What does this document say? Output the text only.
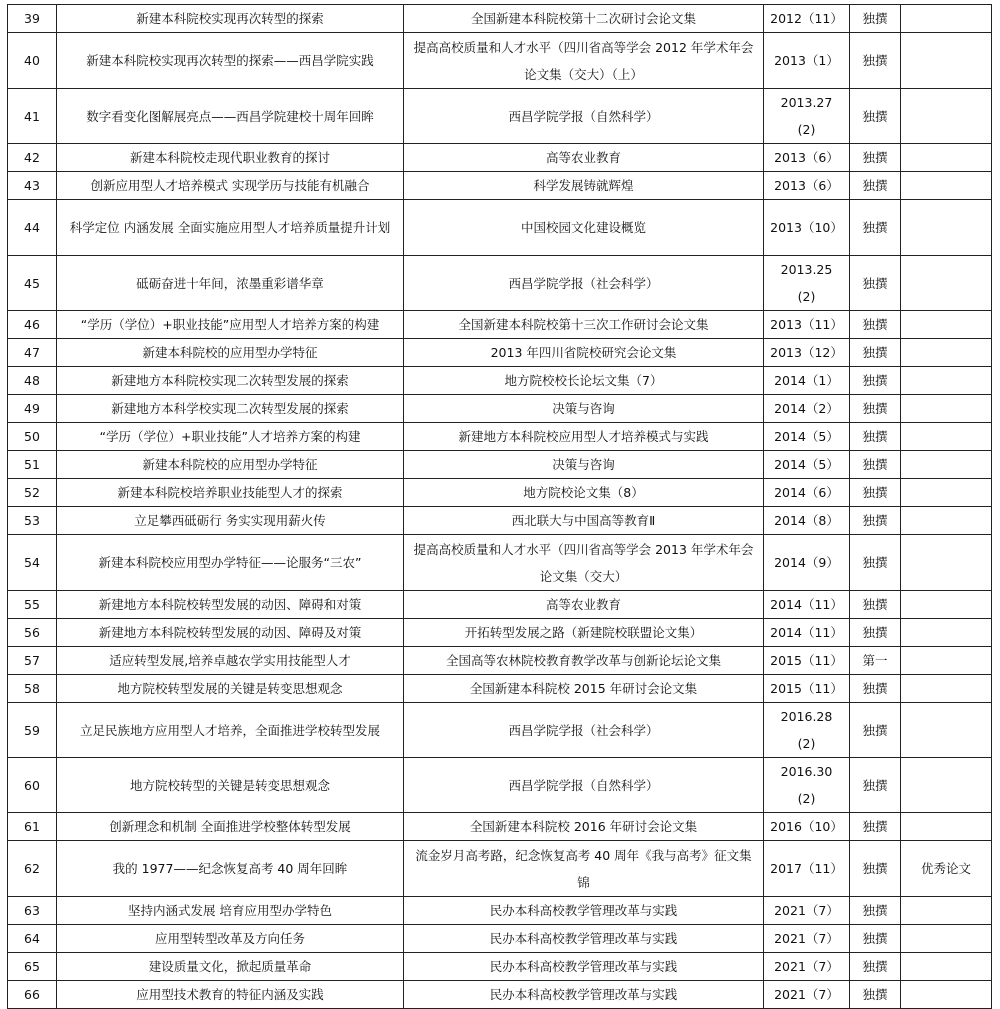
39	新建本科院校实现再次转型的探索	全国新建本科院校第十二次研讨会论文集	2012（11）	独撰	
40	新建本科院校实现再次转型的探索——西昌学院实践	提高高校质量和人才水平（四川省高等学会 2012 年学术年会论文集（交大）（上）	2013（1）	独撰	
41	数字看变化图解展亮点——西昌学院建校十周年回眸	西昌学院学报（自然科学）	2013.27 (2)	独撰	
42	新建本科院校走现代职业教育的探讨	高等农业教育	2013（6）	独撰	
43	创新应用型人才培养模式 实现学历与技能有机融合	科学发展铸就辉煌	2013（6）	独撰	
44	科学定位 内涵发展 全面实施应用型人才培养质量提升计划	中国校园文化建设概览	2013（10）	独撰	
45	砥砺奋进十年间，浓墨重彩谱华章	西昌学院学报（社会科学）	2013.25 (2)	独撰	
46	“学历（学位）+职业技能”应用型人才培养方案的构建	全国新建本科院校第十三次工作研讨会论文集	2013（11）	独撰	
47	新建本科院校的应用型办学特征	2013 年四川省院校研究会论文集	2013（12）	独撰	
48	新建地方本科院校实现二次转型发展的探索	地方院校校长论坛文集（7）	2014（1）	独撰	
49	新建地方本科学校实现二次转型发展的探索	决策与咨询	2014（2）	独撰	
50	“学历（学位）+职业技能”人才培养方案的构建	新建地方本科院校应用型人才培养模式与实践	2014（5）	独撰	
51	新建本科院校的应用型办学特征	决策与咨询	2014（5）	独撰	
52	新建本科院校培养职业技能型人才的探索	地方院校论文集（8）	2014（6）	独撰	
53	立足攀西砥砺行 务实实现用薪火传	西北联大与中国高等教育Ⅱ	2014（8）	独撰	
54	新建本科院校应用型办学特征——论服务“三农”	提高高校质量和人才水平（四川省高等学会 2013 年学术年会论文集（交大）	2014（9）	独撰	
55	新建地方本科院校转型发展的动因、障碍和对策	高等农业教育	2014（11）	独撰	
56	新建地方本科院校转型发展的动因、障碍及对策	开拓转型发展之路（新建院校联盟论文集）	2014（11）	独撰	
57	适应转型发展,培养卓越农学实用技能型人才	全国高等农林院校教育教学改革与创新论坛论文集	2015（11）	第一	
58	地方院校转型发展的关键是转变思想观念	全国新建本科院校 2015 年研讨会论文集	2015（11）	独撰	
59	立足民族地方应用型人才培养，全面推进学校转型发展	西昌学院学报（社会科学）	2016.28 (2)	独撰	
60	地方院校转型的关键是转变思想观念	西昌学院学报（自然科学）	2016.30 (2)	独撰	
61	创新理念和机制 全面推进学校整体转型发展	全国新建本科院校 2016 年研讨会论文集	2016（10）	独撰	
62	我的 1977——纪念恢复高考 40 周年回眸	流金岁月高考路，纪念恢复高考 40 周年《我与高考》征文集锦	2017（11）	独撰	优秀论文
63	坚持内涵式发展 培育应用型办学特色	民办本科高校教学管理改革与实践	2021（7）	独撰	
64	应用型转型改革及方向任务	民办本科高校教学管理改革与实践	2021（7）	独撰	
65	建设质量文化，掀起质量革命	民办本科高校教学管理改革与实践	2021（7）	独撰	
66	应用型技术教育的特征内涵及实践	民办本科高校教学管理改革与实践	2021（7）	独撰	
